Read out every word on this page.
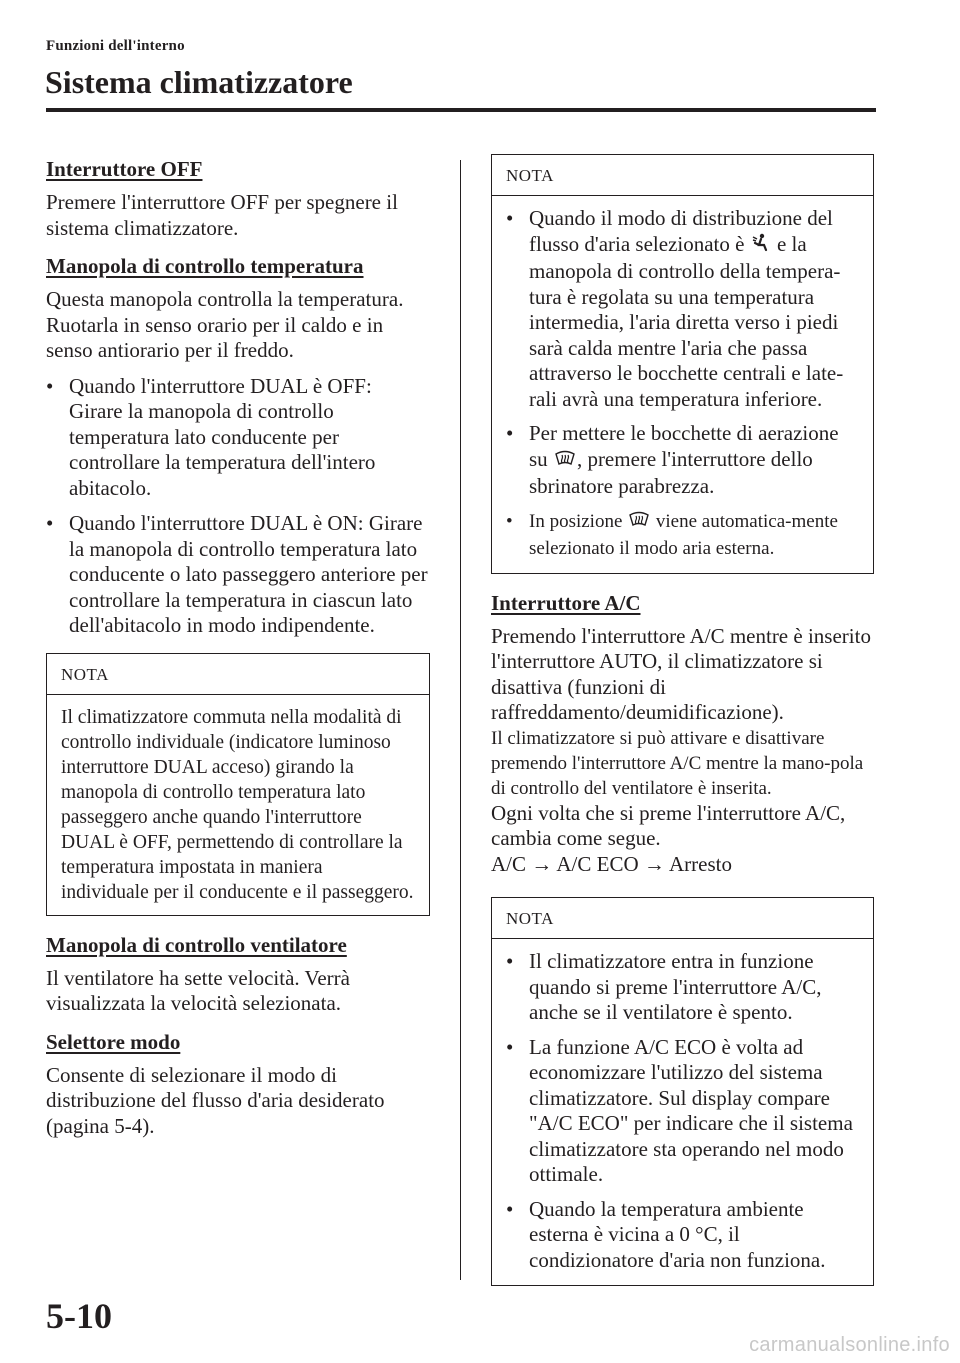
Funzioni dell'interno
Sistema climatizzatore
Interruttore OFF

Premere l'interruttore OFF per spegnere il sistema climatizzatore.

Manopola di controllo temperatura

Questa manopola controlla la temperatura. Ruotarla in senso orario per il caldo e in senso antiorario per il freddo.

• Quando l'interruttore DUAL è OFF: Girare la manopola di controllo temperatura lato conducente per controllare la temperatura dell'intero abitacolo.
• Quando l'interruttore DUAL è ON: Girare la manopola di controllo temperatura lato conducente o lato passeggero anteriore per controllare la temperatura in ciascun lato dell'abitacolo in modo indipendente.
NOTA

Il climatizzatore commuta nella modalità di controllo individuale (indicatore luminoso interruttore DUAL acceso) girando la manopola di controllo temperatura lato passeggero anche quando l'interruttore DUAL è OFF, permettendo di controllare la temperatura impostata in maniera individuale per il conducente e il passeggero.

Manopola di controllo ventilatore

Il ventilatore ha sette velocità. Verrà visualizzata la velocità selezionata.

Selettore modo

Consente di selezionare il modo di distribuzione del flusso d'aria desiderato (pagina 5-4).

NOTA
• Quando il modo di distribuzione del flusso d'aria selezionato è e la manopola di controllo della tempera-tura è regolata su una temperatura intermedia, l'aria diretta verso i piedi sarà calda mentre l'aria che passa attraverso le bocchette centrali e late-rali avrà una temperatura inferiore.
• Per mettere le bocchette di aerazione su , premere l'interruttore dello sbrinatore parabrezza.
• In posizione viene automatica-mente selezionato il modo aria esterna.
Interruttore A/C

Premendo l'interruttore A/C mentre è inserito l'interruttore AUTO, il climatizzatore si disattiva (funzioni di raffreddamento/deumidificazione).

Il climatizzatore si può attivare e disattivare premendo l'interruttore A/C mentre la mano-pola di controllo del ventilatore è inserita.

Ogni volta che si preme l'interruttore A/C, cambia come segue.

A/C → A/C ECO → Arresto

NOTA
• Il climatizzatore entra in funzione quando si preme l'interruttore A/C, anche se il ventilatore è spento.
• La funzione A/C ECO è volta ad economizzare l'utilizzo del sistema climatizzatore. Sul display compare "A/C ECO" per indicare che il sistema climatizzatore sta operando nel modo ottimale.
• Quando la temperatura ambiente esterna è vicina a 0 °C, il condizionatore d'aria non funziona.
5-10
carmanualsonline.info
